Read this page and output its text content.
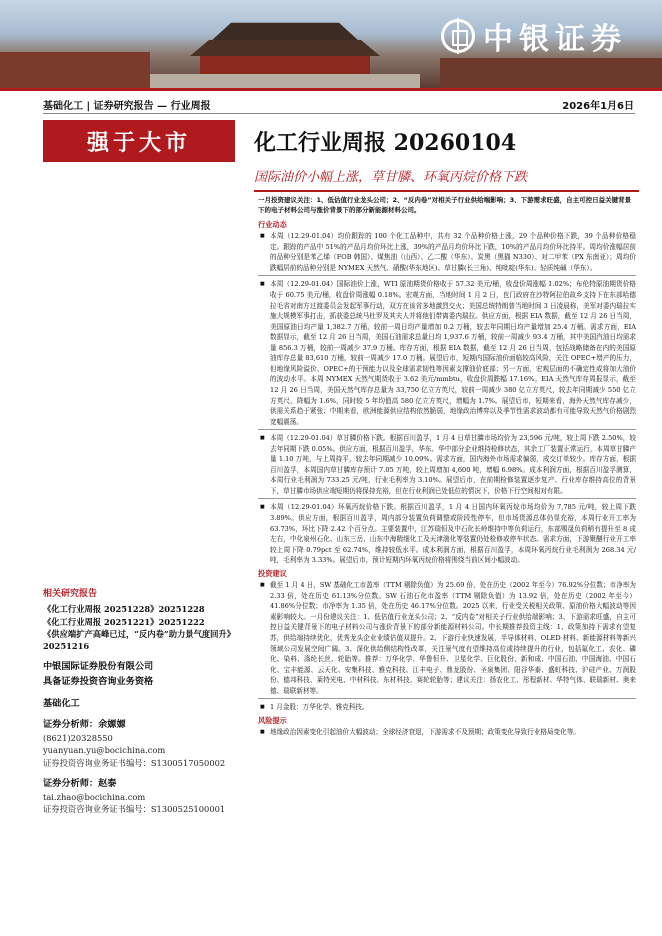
中银证券
基础化工 | 证券研究报告 — 行业周报	2026年1月6日
强于大市	化工行业周报 20260104
国际油价小幅上涨，草甘膦、环氧丙烷价格下跌
一月投资建议关注：1、低估值行业龙头公司；2、“反内卷”对相关子行业供给端影响；3、下游需求旺盛，自主可控日益关键背景下的电子材料公司与涨价背景下的部分新能源材料公司。
行业动态
■ 本周（12.29-01.04）均价跟踪的 100 个化工品种中，共有 32 个品种价格上涨，29 个品种价格下跌，39 个品种价格稳定。跟踪的产品中 51%的产品月均价环比上涨，39%的产品月均价环比下跌，10%的产品月均价环比持平。周均价涨幅居前的品种分别是苯乙烯（FOB 韩国）、煤焦油（山西）、乙二酸（华东）、炭黑（黑猫 N330）、对二甲苯（PX 东南亚）；周均价跌幅居前的品种分别是 NYMEX 天然气、硝酸(华东地区)、草甘膦(长三角)、纯吡啶(华东)、轻质纯碱（华东）。
■ 本周（12.29-01.04）国际油价上涨，WTI 原油期货价格收于 57.32 美元/桶，收盘价周涨幅 1.02%；布伦特原油期货价格收于 60.75 美元/桶，收盘价周涨幅 0.18%。宏观方面，当地时间 1 月 2 日，也门政府在沙特阿拉伯故乡支持下在东部哈德拉毛省对南方过渡委员会发起军事行动，双方在该省多地激烈交火；美国总统特朗普当地时间 3 日凌晨称，美军对委内瑞拉实施大规模军事打击，抓获委总统马杜罗及其夫人并将他们带离委内瑞拉。供应方面，根据 EIA 数据，截至 12 月 26 日当周，美国原油日均产量 1,382.7 万桶，较前一周日均产量增加 0.2 万桶，较去年同期日均产量增加 25.4 万桶。需求方面，EIA 数据显示，截至 12 月 26 日当周，美国石油需求总量日均 1,937.6 万桶，较前一周减少 93.4 万桶，其中美国汽油日均需求量 856.3 万桶，较前一周减少 37.9 万桶。库存方面，根据 EIA 数据，截至 12 月 26 日当周，包括战略储备在内的美国原油库存总量 83,610 万桶，较前一周减少 17.0 万桶。展望后市，短期内国际油价面临较高风险，关注 OPEC+增产的压力，但地缘风险溢价、OPEC+的干预能力以及全球需求韧性等因素支撑油价底部；另一方面，宏观层面的不确定性或将加大油价的波动水平。本周 NYMEX 天然气期货收于 3.62 美元/mmbtu，收盘价周跌幅 17.16%。EIA 天然气库存周报显示，截至 12 月 26 日当周，美国天然气库存总量为 33,750 亿立方英尺，较前一周减少 380 亿立方英尺，较去年同期减少 550 亿立方英尺，降幅为 1.6%，同时较 5 年均值高 580 亿立方英尺，增幅为 1.7%。展望后市，短期来看，海外天然气库存减少，供需关系趋于紧张；中期来看，欧洲能源供应结构依然脆弱，地缘政治博弈以及季节性需求波动都有可能导致天然气价格剧烈宽幅震荡。
■ 本周（12.29-01.04）草甘膦价格下跌。根据百川盈孚，1 月 4 日草甘膦市场均价为 23,596 元/吨，较上周下跌 2.50%，较去年同期下跌 0.05%。供应方面，根据百川盈孚，华东、华中部分企业维持检修状态，其余工厂装置正常运行，本周草甘膦产量 1.10 万吨，与上周持平，较去年同期减少 10.09%。需求方面，国内海外市场需求偏弱，成交订单较少。库存方面，根据百川盈孚，本周国内草甘膦库存预计 7.05 万吨，较上周增加 4,600 吨，增幅 6.98%。成本利润方面，根据百川盈孚测算，本周行业毛利润为 733.25 元/吨，行业毛利率为 3.10%。展望后市，在前期检修装置逐步复产、行业库存维持高位的背景下，草甘膦市场供应端短期仍将保持充裕，但在行业利润已处低位的情况下，价格下行空间相对有限。
■ 本周（12.29-01.04）环氧丙烷价格下跌。根据百川盈孚，1 月 4 日国内环氧丙烷市场均价为 7,785 元/吨，较上周下跌 3.89%。供应方面，根据百川盈孚，周内部分装置负荷调整或阶段性停车，但市场货源总体仍显充裕，本周行业开工率为 63.73%，环比下降 2.42 个百分点。主要装置中，江苏瑞恒及中石化长岭维持中等负荷运行，东部赐晟负荷稍有提升至 8 成左右，中化泉州石化、山东三岳、山东中海精细化工及天津渤化等装置仍处检修或停车状态。需求方面，下游聚醚行业开工率较上周下降 0.79pct 至 62.74%，维持较低水平。成本利润方面，根据百川盈孚，本周环氧丙烷行业毛利润为 268.34 元/吨，毛利率为 3.33%。展望后市，预计短期内环氧丙烷价格将围绕当前区间小幅波动。
投资建议
■ 截至 1 月 4 日，SW 基础化工市盈率（TTM 剔除负值）为 25.69 倍，处在历史（2002 年至今）76.92%分位数；市净率为 2.33 倍，处在历史 61.13%分位数。SW 石油石化市盈率（TTM 剔除负值）为 13.92 倍，处在历史（2002 年至今）41.86%分位数；市净率为 1.35 倍，处在历史 46.17%分位数。2025 以来，行业受关税相关政策、原油价格大幅波动等因素影响较大。一月份建议关注：1、低估值行业龙头公司；2、“反内卷”对相关子行业供给端影响；3、下游需求旺盛，自主可控日益关键背景下的电子材料公司与涨价背景下的部分新能源材料公司。中长期推荐投资主线：1、政策加持下需求有望复苏，供给端持续优化，优秀龙头企业业绩估值双提升。2、下游行业快速发展，半导体材料、OLED 材料、新能源材料等新兴领域公司发展空间广阔。3、深化供给侧结构性改革，关注景气度有望维持高位或持续提升的行业，包括氟化工、农化、磷化、染料、涤纶长丝、轮胎等。推荐：万华化学、华鲁恒升、卫星化学、巨化股份、新和成、中国石油、中国海油、中国石化、宝丰能源、云天化、安集科技、雅克科技、江丰电子、鼎龙股份、圣泉集团、阳谷华泰、盛虹科技、沪硅产业、万润股份、德邦科技、莱特光电、中材科技、东材科技、赛轮轮胎等；建议关注：扬农化工、彤程新材、华特气体、联瑞新材、奥来德、瑞联新材等。
■ 1 月金股：万华化学、雅克科技。
风险提示
■ 地缘政治因素变化引起油价大幅波动；全球经济衰退，下游需求不及预期；政策变化导致行业格局变化等。
相关研究报告
《化工行业周报 20251228》20251228
《化工行业周报 20251221》20251222
《供应端扩产高峰已过，“反内卷”助力景气度回升》20251216
中银国际证券股份有限公司
具备证券投资咨询业务资格
基础化工
证券分析师：余嫄嫄
(8621)20328550
yuanyuan.yu@bocichina.com
证券投资咨询业务证书编号：S1300517050002
证券分析师：赵泰
tai.zhao@bocichina.com
证券投资咨询业务证书编号：S1300525100001
